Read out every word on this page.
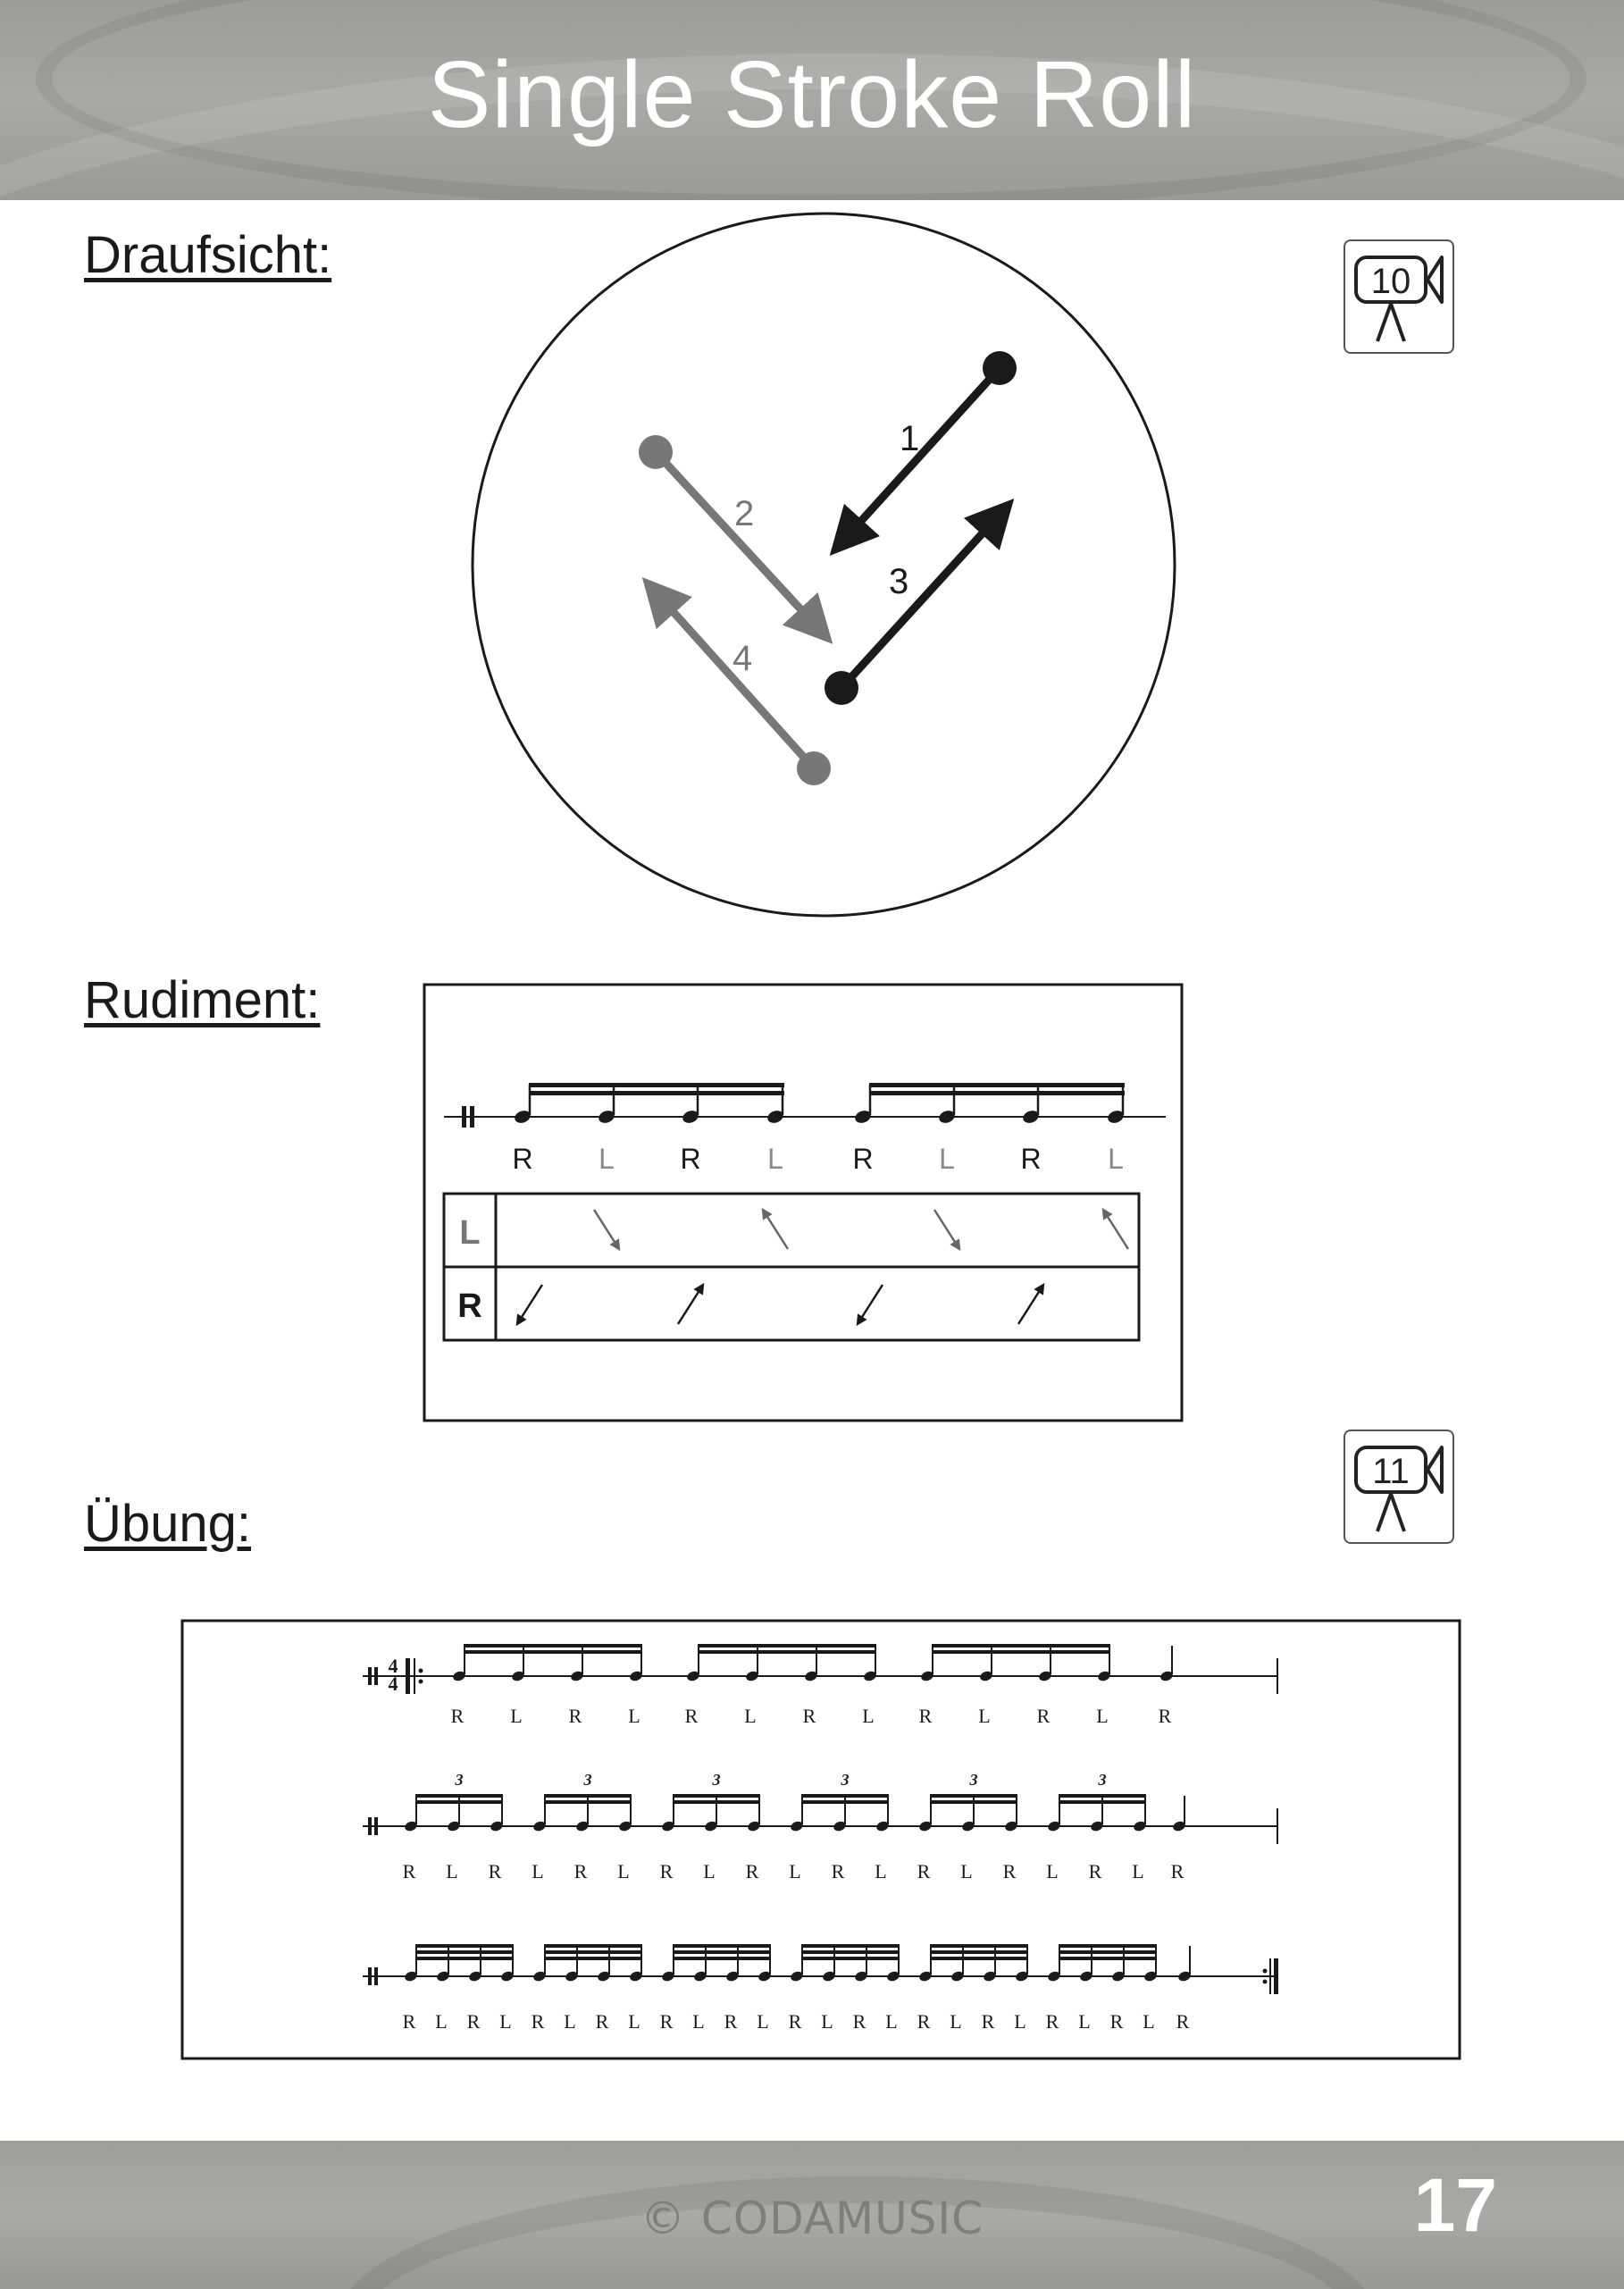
Single Stroke Roll
Draufsicht:
Rudiment:
Übung:
10
11
1
2
3
4
R L R L R L R L
L
R
4
4
R L R L R L R L R L R L	R
3	3	3	3	3	3
R L R L R L R L R L R L R L R L R L R
R L R L R L R L R L R L R L R L R L R L R L R L R
© CODAMUSIC	17
